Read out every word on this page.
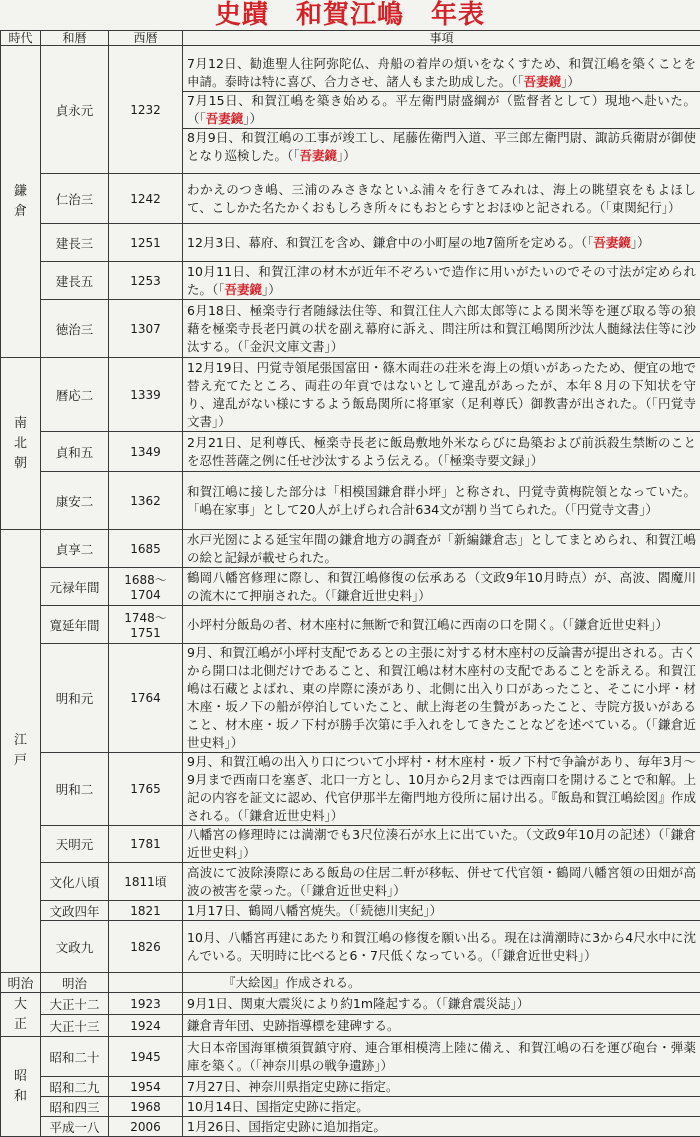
史蹟　和賀江嶋　年表
時代	和暦	西暦	事項
鎌倉	貞永元	1232	7月12日、勧進聖人往阿弥陀仏、舟船の着岸の煩いをなくすため、和賀江嶋を築くことを申請。泰時は特に喜び、合力させ、諸人もまた助成した。（「吾妻鏡」）
7月15日、和賀江嶋を築き始める。平左衛門尉盛綱が（監督者として）現地へ赴いた。（「吾妻鏡」）
8月9日、和賀江嶋の工事が竣工し、尾藤佐衛門入道、平三郎左衛門尉、諏訪兵衛尉が御使となり巡検した。（「吾妻鏡」）

	仁治三	1242	わかえのつき嶋、三浦のみさきなといふ浦々を行きてみれは、海上の眺望哀をもよほして、こしかた名たかくおもしろき所々にもおとらすとおほゆと記される。（「東関紀行」）

	建長三	1251	12月3日、幕府、和賀江を含め、鎌倉中の小町屋の地7箇所を定める。（「吾妻鏡」）

	建長五	1253	10月11日、和賀江津の材木が近年不ぞろいで造作に用いがたいのでその寸法が定められた。（「吾妻鏡」）

	徳治三	1307	6月18日、極楽寺行者随縁法住等、和賀江住人六郎太郎等による関米等を運び取る等の狼藉を極楽寺長老円眞の状を副え幕府に訴え、問注所は和賀江嶋関所沙汰人髄縁法住等に沙汰する。（「金沢文庫文書」）

南北朝	暦応二	1339	12月19日、円覚寺領尾張国富田・篠木両荘の荘米を海上の煩いがあったため、便宜の地で替え充てたところ、両荘の年貢ではないとして違乱があったが、本年８月の下知状を守り、違乱がない様にするよう飯島関所に将軍家（足利尊氏）御教書が出された。（「円覚寺文書」）

	貞和五	1349	2月21日、足利尊氏、極楽寺長老に飯島敷地外米ならびに島築および前浜殺生禁断のことを忍性菩薩之例に任せ沙汰するよう伝える。（「極楽寺要文録」）

	康安二	1362	和賀江嶋に接した部分は「相模国鎌倉群小坪」と称され、円覚寺黄梅院領となっていた。「嶋在家事」として20人が上げられ合計634文が割り当てられた。（「円覚寺文書」）

江戸	貞享二	1685	水戸光圀による延宝年間の鎌倉地方の調査が「新編鎌倉志」としてまとめられ、和賀江嶋の絵と記録が載せられた。

	元禄年間	1688～1704	鶴岡八幡宮修理に際し、和賀江嶋修復の伝承ある（文政9年10月時点）が、高波、閻魔川の流木にて押崩された。（「鎌倉近世史料」）

	寛延年間	1748～1751	小坪村分飯島の者、材木座村に無断で和賀江嶋に西南の口を開く。（「鎌倉近世史料」）

	明和元	1764	9月、和賀江嶋が小坪村支配であるとの主張に対する材木座村の反論書が提出される。古くから開口は北側だけであること、和賀江嶋は材木座村の支配であることを訴える。和賀江嶋は石藏とよばれ、東の岸際に湊があり、北側に出入り口があったこと、そこに小坪・材木座・坂ノ下の船が停泊していたこと、献上海老の生贄があったこと、寺院方扱いがあること、材木座・坂ノ下村が勝手次第に手入れをしてきたことなどを述べている。（「鎌倉近世史料」）

	明和二	1765	9月、和賀江嶋の出入り口について小坪村・材木座村・坂ノ下村で争論があり、毎年3月～9月まで西南口を塞ぎ、北口一方とし、10月から2月までは西南口を開けることで和解。上記の内容を証文に認め、代官伊那半左衛門地方役所に届け出る。『飯島和賀江嶋絵図』作成される。（「鎌倉近世史料」）

	天明元	1781	八幡宮の修理時には満潮でも3尺位湊石が水上に出ていた。（文政9年10月の記述）（「鎌倉近世史料」）

	文化八頃	1811頃	高波にて波除湊際にある飯島の住居二軒が移転、併せて代官領・鶴岡八幡宮領の田畑が高波の被害を蒙った。（「鎌倉近世史料」）

	文政四年	1821	1月17日、鶴岡八幡宮焼失。（「続徳川実紀」）

	文政九	1826	10月、八幡宮再建にあたり和賀江嶋の修復を願い出る。現在は満潮時に3から4尺水中に沈んでいる。天明時に比べると6・7尺低くなっている。（「鎌倉近世史料」）

明治	明治		『大絵図』作成される。

大正	大正十二	1923	9月1日、関東大震災により約1m隆起する。（「鎌倉震災誌」）

	大正十三	1924	鎌倉青年団、史跡指導標を建碑する。

昭和	昭和二十	1945	大日本帝国海軍横須賀鎮守府、連合軍相模湾上陸に備え、和賀江嶋の石を運び砲台・弾薬庫を築く。（「神奈川県の戦争遺跡」）

	昭和二九	1954	7月27日、神奈川県指定史跡に指定。

	昭和四三	1968	10月14日、国指定史跡に指定。

	平成一八	2006	1月26日、国指定史跡に追加指定。
